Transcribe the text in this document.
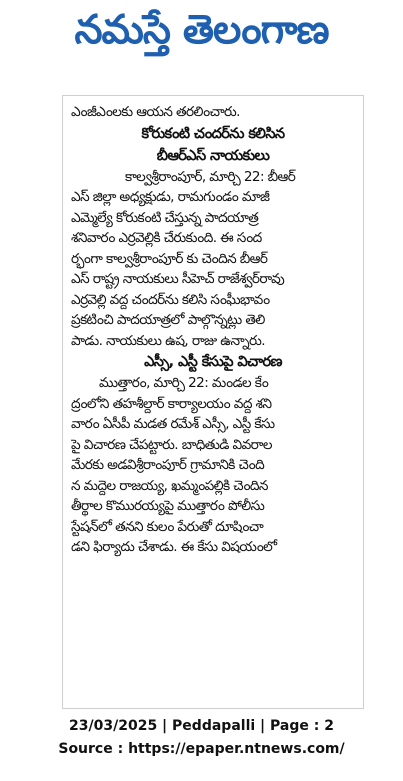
నమస్తే తెలంగాణ
ఎంజీఎంలకు ఆయన తరలించారు.
కోరుకంటి చందర్‌ను కలిసిన
బీఆర్‌ఎస్ నాయకులు
కాల్వశ్రీరాంపూర్, మార్చి 22: బీఆర్
ఎస్ జిల్లా అధ్యక్షుడు, రామగుండం మాజీ
ఎమ్మెల్యే కోరుకంటి చేస్తున్న పాదయాత్ర
శనివారం ఎర్రవెల్లికి చేరుకుంది. ఈ సంద
ర్భంగా కాల్వశ్రీరాంపూర్ కు చెందిన బీఆర్
ఎస్ రాష్ట్ర నాయకులు సీహెచ్ రాజేశ్వర్‌రావు
ఎర్రవెల్లి వద్ద చందర్‌ను కలిసి సంఘీభావం
ప్రకటించి పాదయాత్రలో పాల్గొన్నట్లు తెలి
పాడు. నాయకులు ఉష, రాజు ఉన్నారు.
ఎస్సీ, ఎస్టీ కేసుపై విచారణ
ముత్తారం, మార్చి 22: మండల కేం
ద్రంలోని తహశీల్దార్ కార్యాలయం వద్ద శని
వారం ఏసీపీ మడత రమేశ్ ఎస్సీ, ఎస్టీ కేసు
పై విచారణ చేపట్టారు. బాధితుడి వివరాల
మేరకు అడవిశ్రీరాంపూర్ గ్రామానికి చెంది
న మద్దెల రాజయ్య, ఖమ్మంపల్లికి చెందిన
తీర్థాల కొమురయ్యపై ముత్తారం పోలీసు
స్టేషన్‌లో తనని కులం పేరుతో దూషించా
డని ఫిర్యాదు చేశాడు. ఈ కేసు విషయంలో
23/03/2025 | Peddapalli | Page : 2
Source : https://epaper.ntnews.com/
